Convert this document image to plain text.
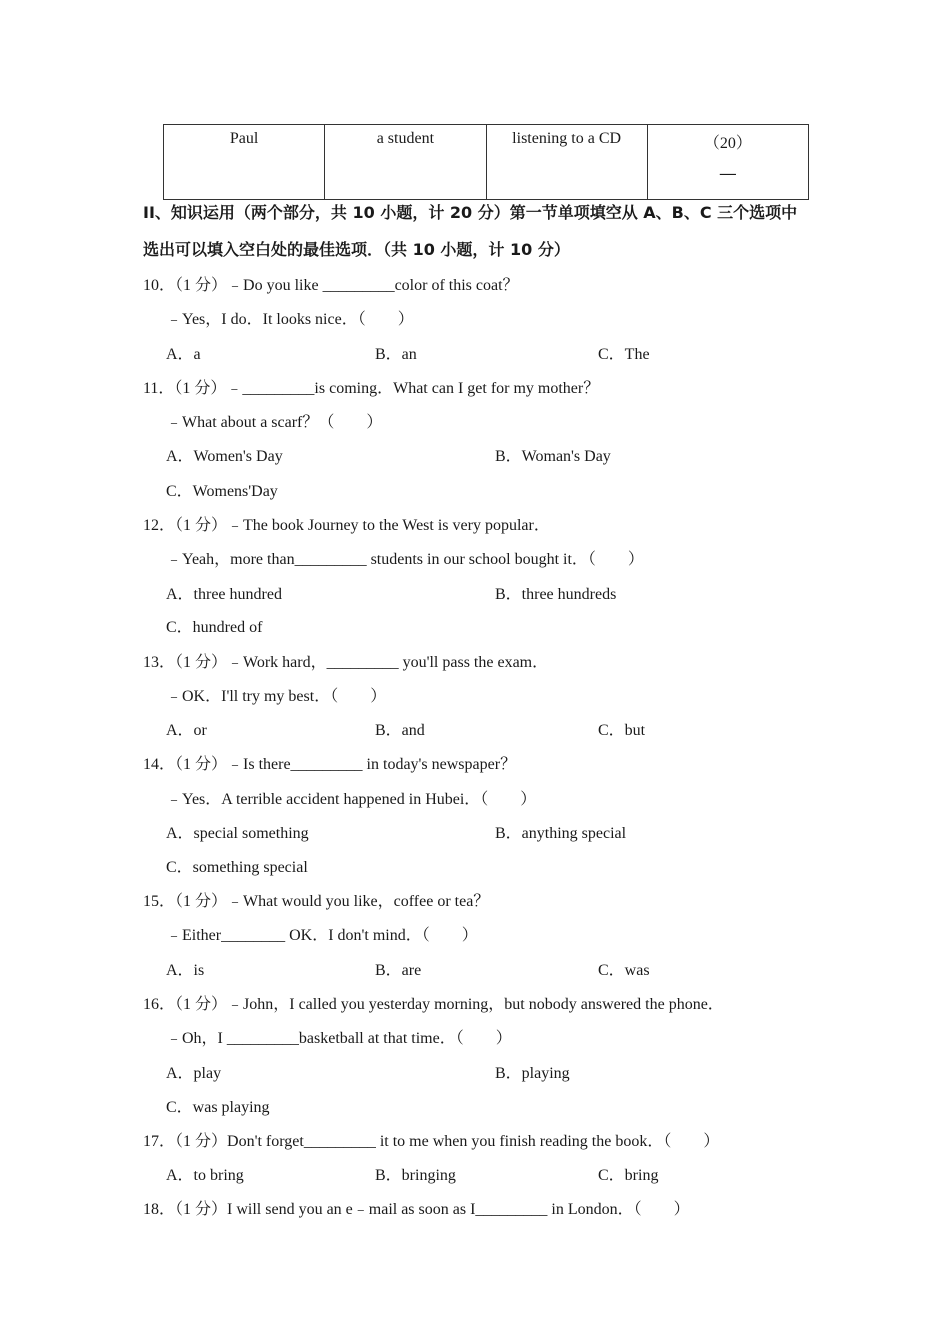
Paul	a student	listening to a CD	（20）
—
II、知识运用（两个部分，共 10 小题，计 20 分）第一节单项填空从 A、B、C 三个选项中
选出可以填入空白处的最佳选项．（共 10 小题，计 10 分）
10．（1 分）﹣Do you like _________color of this coat？
﹣Yes，I do．It looks nice．（　　）
A．a	B．an	C．The
11．（1 分）﹣_________is coming．What can I get for my mother？
﹣What about a scarf？（　　）
A．Women's Day	B．Woman's Day
C．Womens'Day
12．（1 分）﹣The book Journey to the West is very popular．
﹣Yeah，more than_________ students in our school bought it．（　　）
A．three hundred	B．three hundreds
C．hundred of
13．（1 分）﹣Work hard，_________ you'll pass the exam．
﹣OK．I'll try my best．（　　）
A．or	B．and	C．but
14．（1 分）﹣Is there_________ in today's newspaper？
﹣Yes．A terrible accident happened in Hubei．（　　）
A．special something	B．anything special
C．something special
15．（1 分）﹣What would you like，coffee or tea？
﹣Either________ OK．I don't mind．（　　）
A．is	B．are	C．was
16．（1 分）﹣John，I called you yesterday morning，but nobody answered the phone．
﹣Oh，I _________basketball at that time．（　　）
A．play	B．playing
C．was playing
17．（1 分）Don't forget_________ it to me when you finish reading the book．（　　）
A．to bring	B．bringing	C．bring
18．（1 分）I will send you an e﹣mail as soon as I_________ in London．（　　）
